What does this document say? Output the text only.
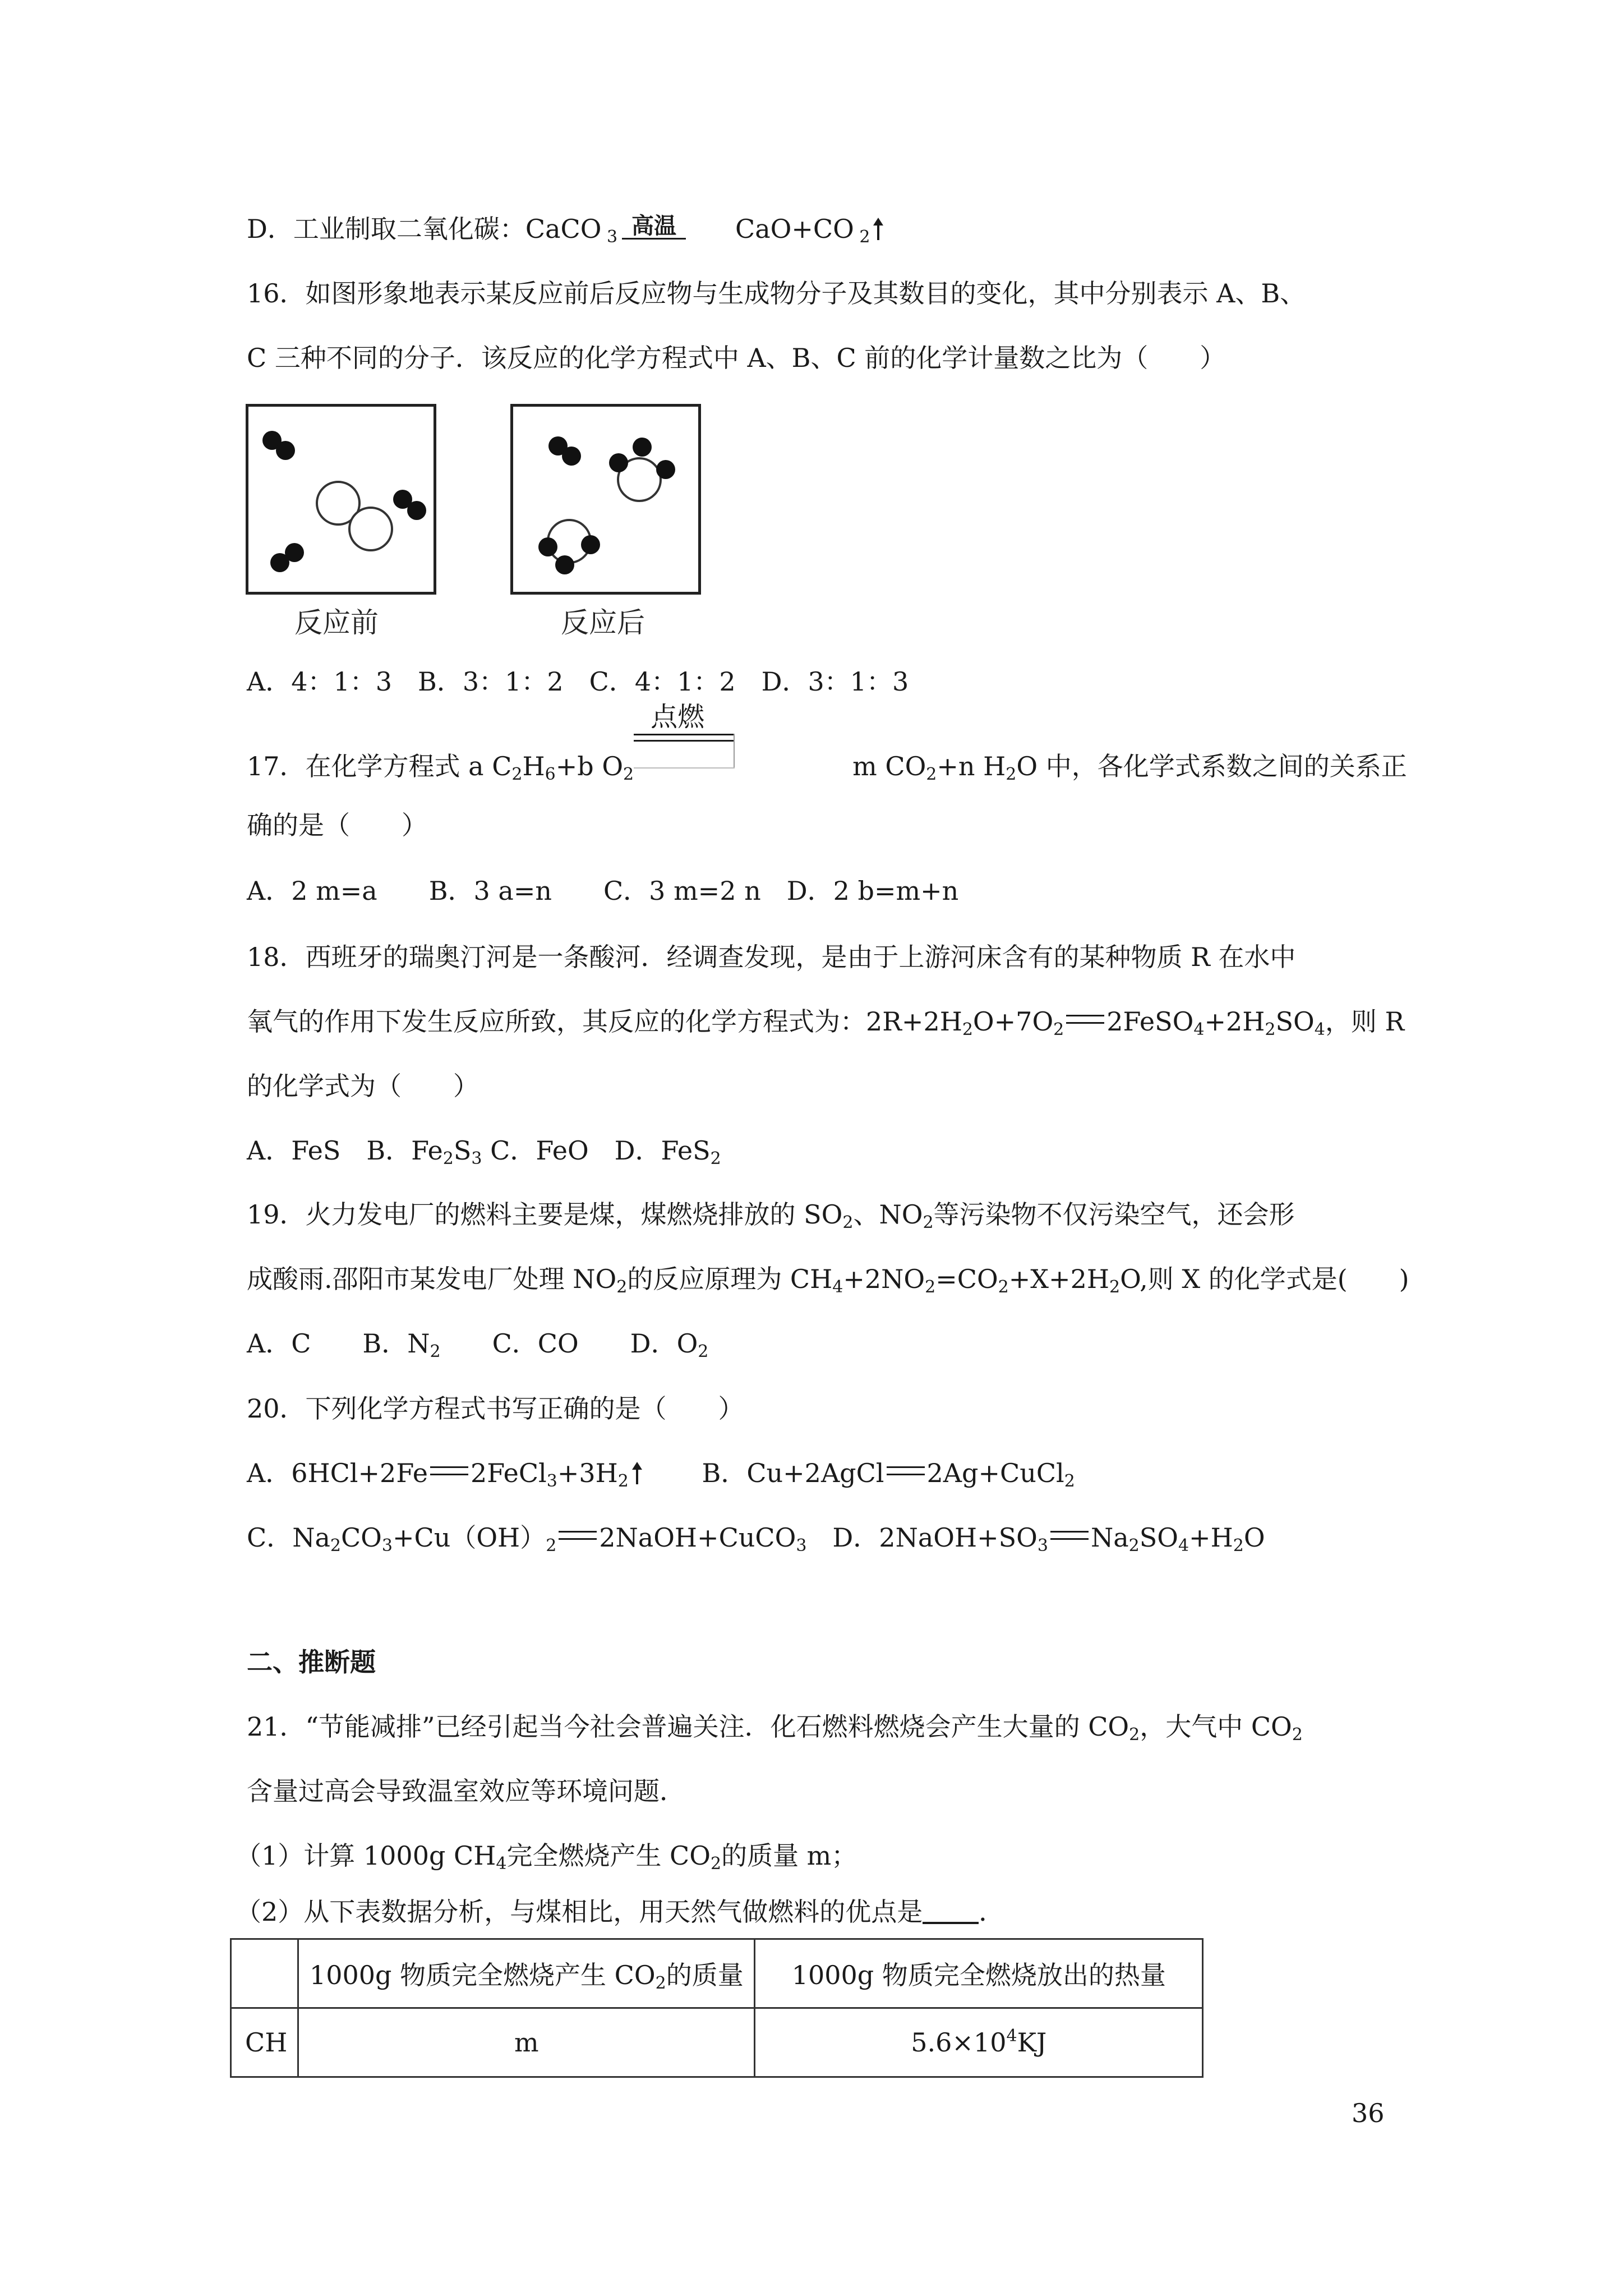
D．工业制取二氧化碳：CaCO $_3$ 高温 CaO+CO $_2$
16．如图形象地表示某反应前后反应物与生成物分子及其数目的变化，其中分别表示 A、B、
C 三种不同的分子．该反应的化学方程式中 A、B、C 前的化学计量数之比为（　　）
反应前	反应后
A．4：1：3　B．3：1：2　C．4：1：2　D．3：1：3
17．在化学方程式 a $C_2H_6+b$ $O_2$
点燃
m $CO_2+n$ $H_2O$ 中，各化学式系数之间的关系正
确的是（　　）
A．2 m=a　　B．3 a=n　　C．3 m=2 n　D．2 b=m+n
18．西班牙的瑞奥汀河是一条酸河．经调查发现，是由于上游河床含有的某种物质 R 在水中
氧气的作用下发生反应所致，其反应的化学方程式为：$2R+2H_2O+7O_2$ $2FeSO_4+2H_2SO_4$，则 R
的化学式为（　　）
A．FeS　B．$Fe_2S_3$ C．FeO　D．FeS$_2$
19．火力发电厂的燃料主要是煤，煤燃烧排放的 $SO_2$、$NO_2$等污染物不仅污染空气，还会形
成酸雨.邵阳市某发电厂处理 $NO_2$的反应原理为 $CH_4+2NO_2=CO_2+X+2H_2O$,则 X 的化学式是(　　)
A．C　　B．$N_2$　　C．CO　　D．$O_2$
20．下列化学方程式书写正确的是（　　）
A．6HCl+2Fe $2FeCl_3+3H_2$　　 B．Cu+2AgCl 2Ag+CuCl$_2$
C．$Na_2CO_3+Cu(OH)_2$ 2NaOH+CuCO$_3$　D．$2NaOH+SO_3$ $Na_2SO_4+H_2O$
二、推断题
21．“节能减排”已经引起当今社会普遍关注．化石燃料燃烧会产生大量的 $CO_2$，大气中 $CO_2$
含量过高会导致温室效应等环境问题．
（1）计算 1000g $CH_4$完全燃烧产生 $CO_2$的质量 m；
（2）从下表数据分析，与煤相比，用天然气做燃料的优点是 ．
	1000g 物质完全燃烧产生 $CO_2$的质量	1000g 物质完全燃烧放出的热量
CH	m	$5.6\times 10^4KJ$
36
